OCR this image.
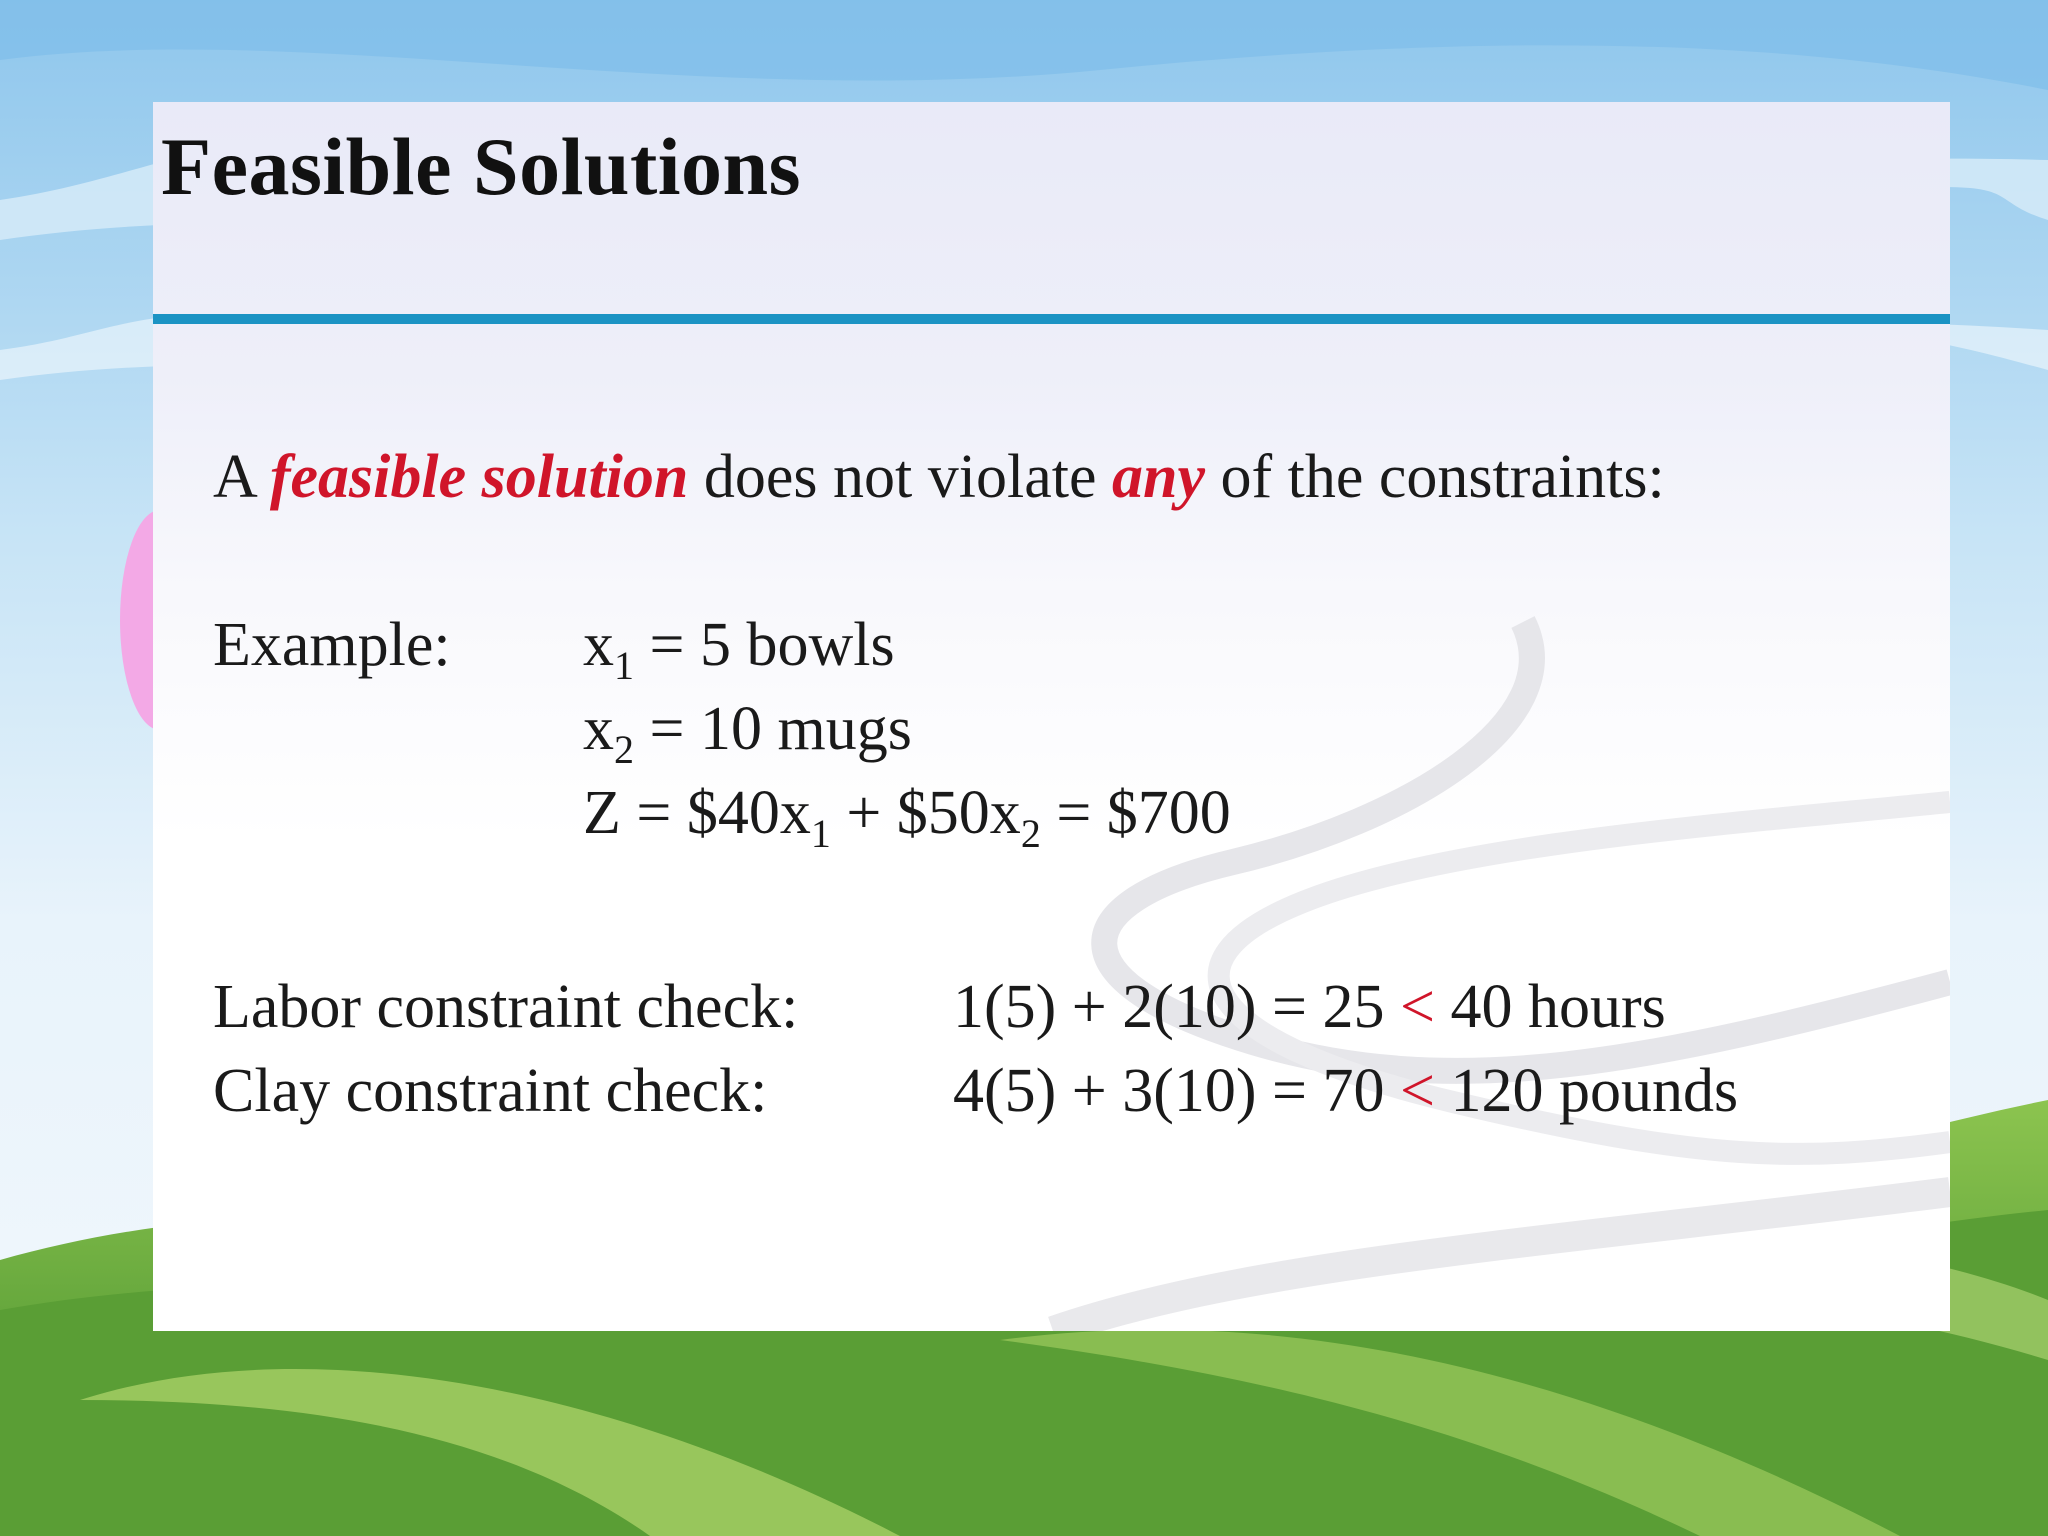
Feasible Solutions
A feasible solution does not violate any of the constraints:
Example: $x_1 = 5$ bowls
$x_2 = 10$ mugs
$Z = \$40x_1$ + $\$50x_2$ = $700
Labor constraint check: 1(5) + 2(10) = 25 < 40 hours
Clay constraint check:	4(5) + 3(10) = 70 < 120 pounds
